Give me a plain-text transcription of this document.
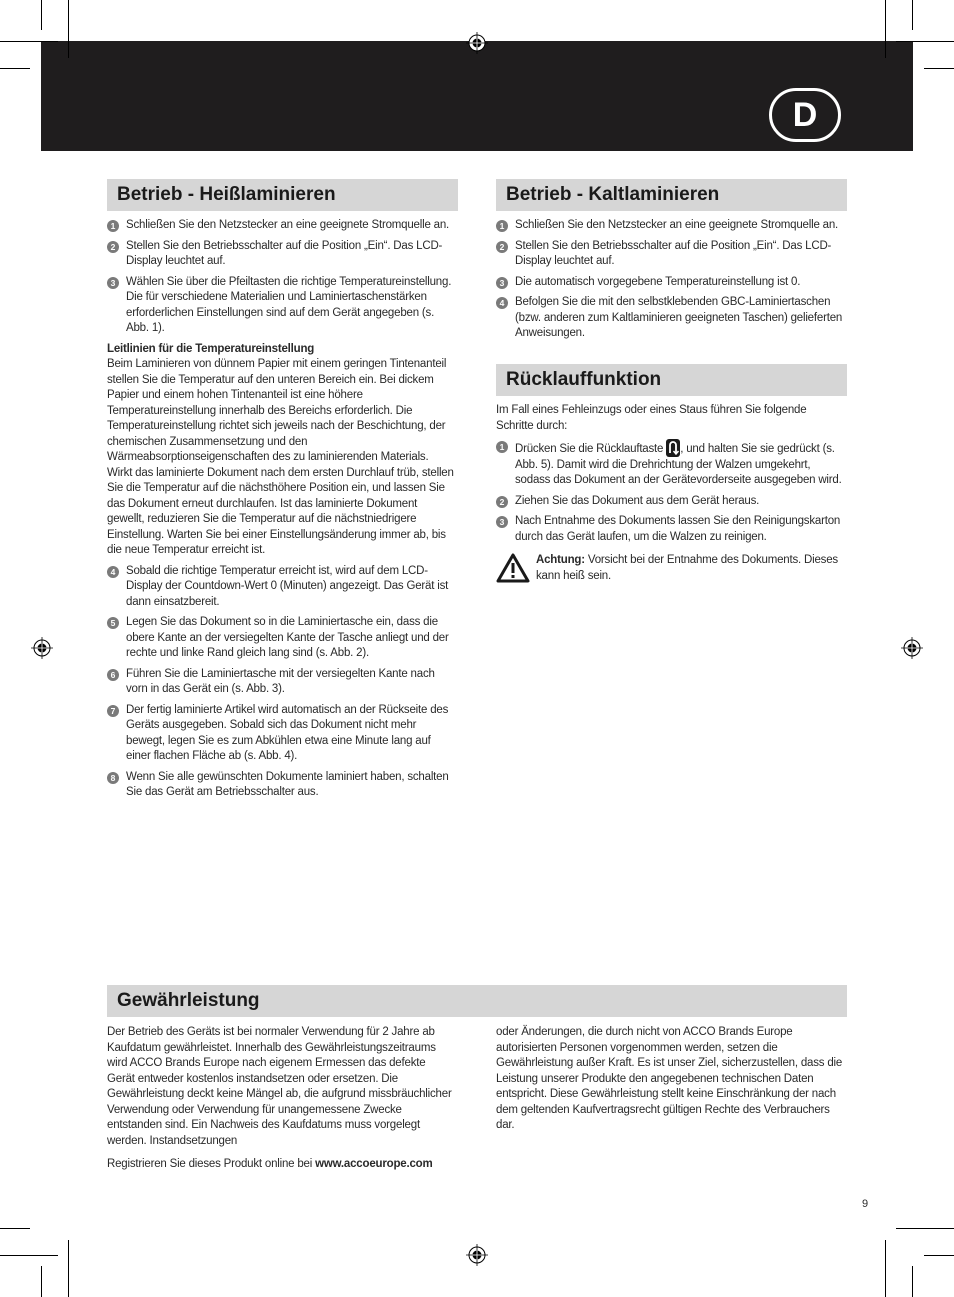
D
Betrieb - Heißlaminieren
1 Schließen Sie den Netzstecker an eine geeignete Stromquelle an.
2 Stellen Sie den Betriebsschalter auf die Position „Ein“. Das LCD-Display leuchtet auf.
3 Wählen Sie über die Pfeiltasten die richtige Temperatureinstellung. Die für verschiedene Materialien und Laminiertaschenstärken erforderlichen Einstellungen sind auf dem Gerät angegeben (s. Abb. 1).

Leitlinien für die Temperatureinstellung

Beim Laminieren von dünnem Papier mit einem geringen Tintenanteil stellen Sie die Temperatur auf den unteren Bereich ein. Bei dickem Papier und einem hohen Tintenanteil ist eine höhere Temperatureinstellung innerhalb des Bereichs erforderlich. Die Temperatureinstellung richtet sich jeweils nach der Beschichtung, der chemischen Zusammensetzung und den Wärmeabsorptionseigenschaften des zu laminierenden Materials. Wirkt das laminierte Dokument nach dem ersten Durchlauf trüb, stellen Sie die Temperatur auf die nächsthöhere Position ein, und lassen Sie das Dokument erneut durchlaufen. Ist das laminierte Dokument gewellt, reduzieren Sie die Temperatur auf die nächstniedrigere Einstellung. Warten Sie bei einer Einstellungsänderung immer ab, bis die neue Temperatur erreicht ist.

4 Sobald die richtige Temperatur erreicht ist, wird auf dem LCD-Display der Countdown-Wert 0 (Minuten) angezeigt. Das Gerät ist dann einsatzbereit.
5 Legen Sie das Dokument so in die Laminiertasche ein, dass die obere Kante an der versiegelten Kante der Tasche anliegt und der rechte und linke Rand gleich lang sind (s. Abb. 2).
6 Führen Sie die Laminiertasche mit der versiegelten Kante nach vorn in das Gerät ein (s. Abb. 3).
7 Der fertig laminierte Artikel wird automatisch an der Rückseite des Geräts ausgegeben. Sobald sich das Dokument nicht mehr bewegt, legen Sie es zum Abkühlen etwa eine Minute lang auf einer flachen Fläche ab (s. Abb. 4).
8 Wenn Sie alle gewünschten Dokumente laminiert haben, schalten Sie das Gerät am Betriebsschalter aus.
Betrieb - Kaltlaminieren
1 Schließen Sie den Netzstecker an eine geeignete Stromquelle an.
2 Stellen Sie den Betriebsschalter auf die Position „Ein“. Das LCD-Display leuchtet auf.
3 Die automatisch vorgegebene Temperatureinstellung ist 0.
4 Befolgen Sie die mit den selbstklebenden GBC-Laminiertaschen (bzw. anderen zum Kaltlaminieren geeigneten Taschen) gelieferten Anweisungen.
Rücklauffunktion

Im Fall eines Fehleinzugs oder eines Staus führen Sie folgende Schritte durch:

1 Drücken Sie die Rücklauftaste , und halten Sie sie gedrückt (s. Abb. 5). Damit wird die Drehrichtung der Walzen umgekehrt, sodass das Dokument an der Gerätevorderseite ausgegeben wird.
2 Ziehen Sie das Dokument aus dem Gerät heraus.
3 Nach Entnahme des Dokuments lassen Sie den Reinigungskarton durch das Gerät laufen, um die Walzen zu reinigen.
Achtung: Vorsicht bei der Entnahme des Dokuments. Dieses kann heiß sein.
Gewährleistung

Der Betrieb des Geräts ist bei normaler Verwendung für 2 Jahre ab Kaufdatum gewährleistet. Innerhalb des Gewährleistungszeitraums wird ACCO Brands Europe nach eigenem Ermessen das defekte Gerät entweder kostenlos instandsetzen oder ersetzen. Die Gewährleistung deckt keine Mängel ab, die aufgrund missbräuchlicher Verwendung oder Verwendung für unangemessene Zwecke entstanden sind. Ein Nachweis des Kaufdatums muss vorgelegt werden. Instandsetzungen

Registrieren Sie dieses Produkt online bei www.accoeurope.com

oder Änderungen, die durch nicht von ACCO Brands Europe autorisierten Personen vorgenommen werden, setzen die Gewährleistung außer Kraft. Es ist unser Ziel, sicherzustellen, dass die Leistung unserer Produkte den angegebenen technischen Daten entspricht. Diese Gewährleistung stellt keine Einschränkung der nach dem geltenden Kaufvertragsrecht gültigen Rechte des Verbrauchers dar.

9
